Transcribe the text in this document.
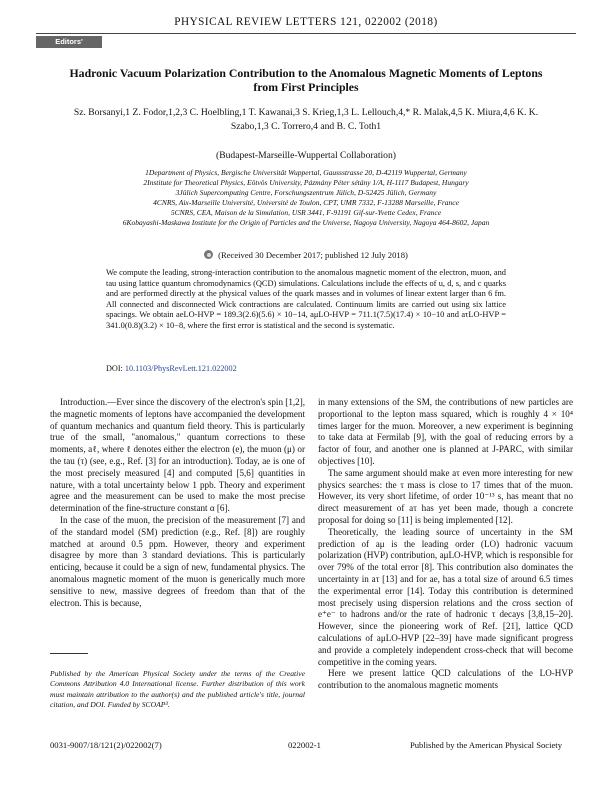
PHYSICAL REVIEW LETTERS 121, 022002 (2018)
Editors' Suggestion
Hadronic Vacuum Polarization Contribution to the Anomalous Magnetic Moments of Leptons from First Principles
Sz. Borsanyi,1 Z. Fodor,1,2,3 C. Hoelbling,1 T. Kawanai,3 S. Krieg,1,3 L. Lellouch,4,* R. Malak,4,5 K. Miura,4,6 K. K. Szabo,1,3 C. Torrero,4 and B. C. Toth1
(Budapest-Marseille-Wuppertal Collaboration)
1Department of Physics, Bergische Universität Wuppertal, Gaussstrasse 20, D-42119 Wuppertal, Germany
2Institute for Theoretical Physics, Eötvös University, Pázmány Péter sétány 1/A, H-1117 Budapest, Hungary
3Jülich Supercomputing Centre, Forschungszentrum Jülich, D-52425 Jülich, Germany
4CNRS, Aix-Marseille Université, Université de Toulon, CPT, UMR 7332, F-13288 Marseille, France
5CNRS, CEA, Maison de la Simulation, USR 3441, F-91191 Gif-sur-Yvette Cedex, France
6Kobayashi-Maskawa Institute for the Origin of Particles and the Universe, Nagoya University, Nagoya 464-8602, Japan
(Received 30 December 2017; published 12 July 2018)

We compute the leading, strong-interaction contribution to the anomalous magnetic moment of the electron, muon, and tau using lattice quantum chromodynamics (QCD) simulations. Calculations include the effects of u, d, s, and c quarks and are performed directly at the physical values of the quark masses and in volumes of linear extent larger than 6 fm. All connected and disconnected Wick contractions are calculated. Continuum limits are carried out using six lattice spacings. We obtain aeLO-HVP = 189.3(2.6)(5.6) × 10−14, aμLO-HVP = 711.1(7.5)(17.4) × 10−10 and aτLO-HVP = 341.0(0.8)(3.2) × 10−8, where the first error is statistical and the second is systematic.

DOI: 10.1103/PhysRevLett.121.022002

Introduction.—Ever since the discovery of the electron's spin [1,2], the magnetic moments of leptons have accompanied the development of quantum mechanics and quantum field theory. This is particularly true of the small, "anomalous," quantum corrections to these moments, aℓ, where ℓ denotes either the electron (e), the muon (μ) or the tau (τ) (see, e.g., Ref. [3] for an introduction). Today, ae is one of the most precisely measured [4] and computed [5,6] quantities in nature, with a total uncertainty below 1 ppb. Theory and experiment agree and the measurement can be used to make the most precise determination of the fine-structure constant α [6].

In the case of the muon, the precision of the measurement [7] and of the standard model (SM) prediction (e.g., Ref. [8]) are roughly matched at around 0.5 ppm. However, theory and experiment disagree by more than 3 standard deviations. This is particularly enticing, because it could be a sign of new, fundamental physics. The anomalous magnetic moment of the muon is generically much more sensitive to new, massive degrees of freedom than that of the electron. This is because,

in many extensions of the SM, the contributions of new particles are proportional to the lepton mass squared, which is roughly 4 × 10⁴ times larger for the muon. Moreover, a new experiment is beginning to take data at Fermilab [9], with the goal of reducing errors by a factor of four, and another one is planned at J-PARC, with similar objectives [10].

The same argument should make aτ even more interesting for new physics searches: the τ mass is close to 17 times that of the muon. However, its very short lifetime, of order 10⁻¹³ s, has meant that no direct measurement of aτ has yet been made, though a concrete proposal for doing so [11] is being implemented [12].

Theoretically, the leading source of uncertainty in the SM prediction of aμ is the leading order (LO) hadronic vacuum polarization (HVP) contribution, aμLO-HVP, which is responsible for over 79% of the total error [8]. This contribution also dominates the uncertainty in aτ [13] and for ae, has a total size of around 6.5 times the experimental error [14]. Today this contribution is determined most precisely using dispersion relations and the cross section of e⁺e⁻ to hadrons and/or the rate of hadronic τ decays [3,8,15–20]. However, since the pioneering work of Ref. [21], lattice QCD calculations of aμLO-HVP [22–39] have made significant progress and provide a completely independent cross-check that will become competitive in the coming years.

Here we present lattice QCD calculations of the LO-HVP contribution to the anomalous magnetic moments

Published by the American Physical Society under the terms of the Creative Commons Attribution 4.0 International license. Further distribution of this work must maintain attribution to the author(s) and the published article's title, journal citation, and DOI. Funded by SCOAP³.
0031-9007/18/121(2)/022002(7)	022002-1	Published by the American Physical Society
